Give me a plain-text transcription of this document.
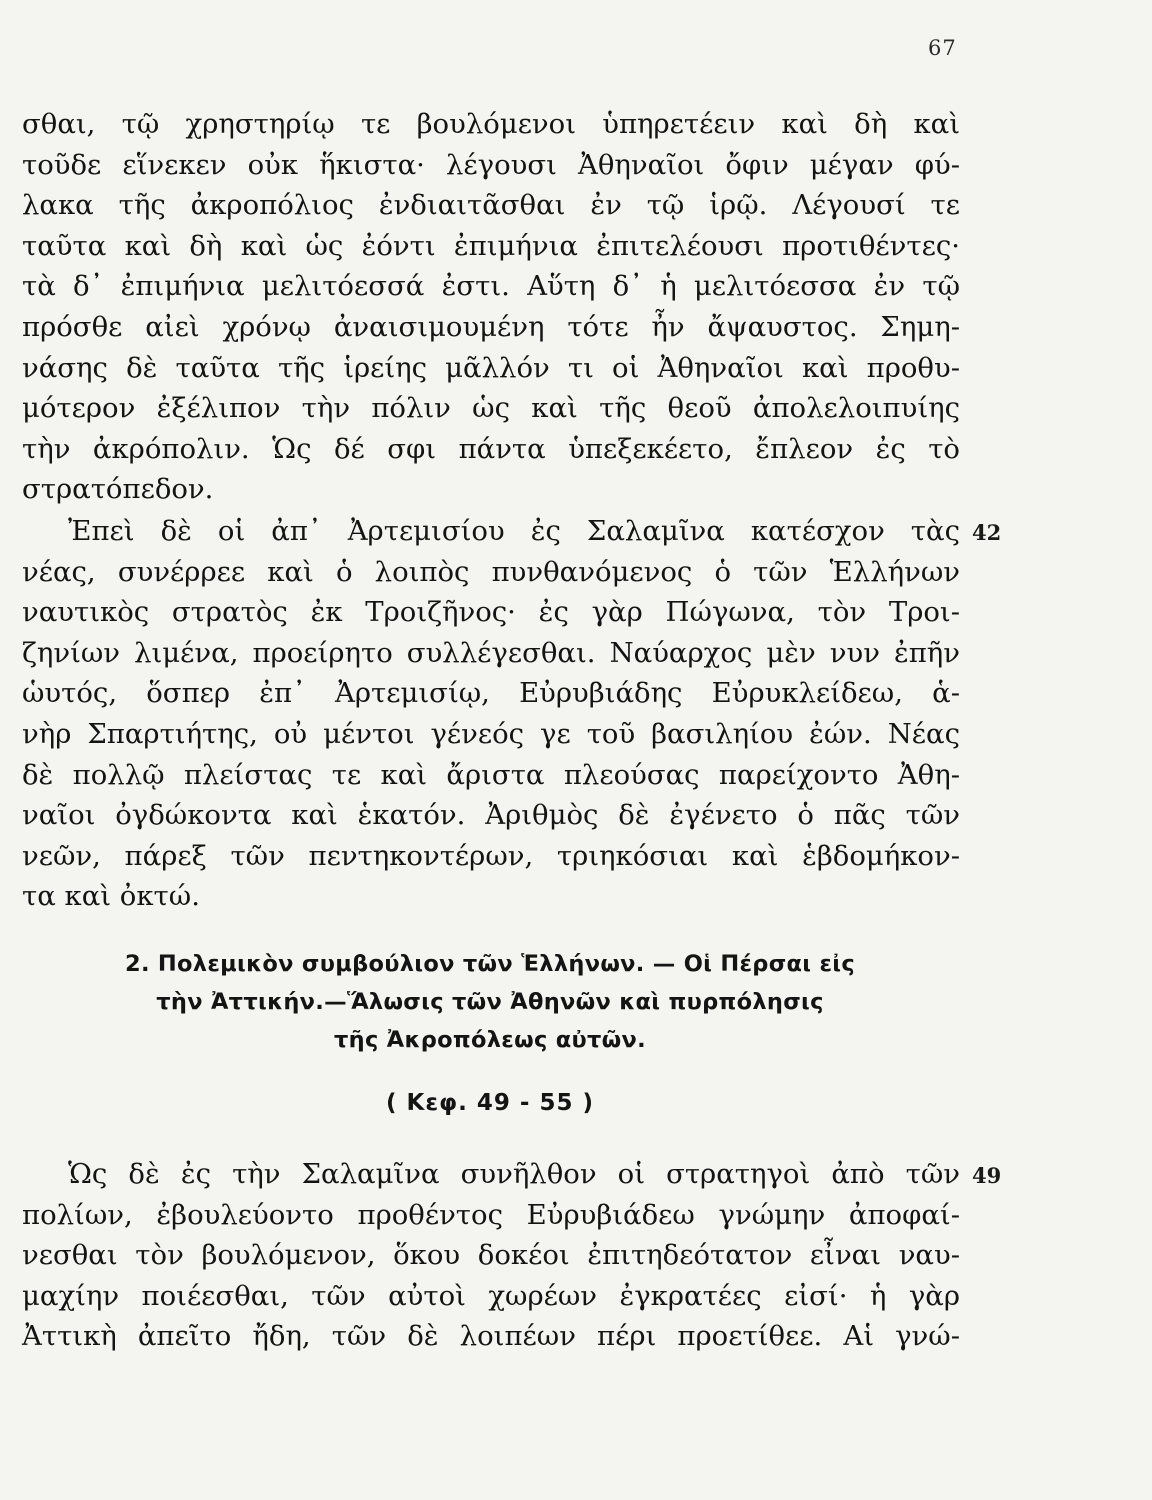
67
σθαι, τῷ χρηστηρίῳ τε βουλόμενοι ὑπηρετέειν καὶ δὴ καὶ
τοῦδε εἵνεκεν οὐκ ἥκιστα· λέγουσι Ἀθηναῖοι ὄφιν μέγαν φύ-
λακα τῆς ἀκροπόλιος ἐνδιαιτᾶσθαι ἐν τῷ ἱρῷ. Λέγουσί τε
ταῦτα καὶ δὴ καὶ ὡς ἐόντι ἐπιμήνια ἐπιτελέουσι προτιθέντες·
τὰ δ᾽ ἐπιμήνια μελιτόεσσά ἐστι. Αὕτη δ᾽ ἡ μελιτόεσσα ἐν τῷ
πρόσθε αἰεὶ χρόνῳ ἀναισιμουμένη τότε ἦν ἄψαυστος. Σημη-
νάσης δὲ ταῦτα τῆς ἱρείης μᾶλλόν τι οἱ Ἀθηναῖοι καὶ προθυ-
μότερον ἐξέλιπον τὴν πόλιν ὡς καὶ τῆς θεοῦ ἀπολελοιπυίης
τὴν ἀκρόπολιν. Ὡς δέ σφι πάντα ὑπεξεκέετο, ἔπλεον ἐς τὸ
στρατόπεδον.
Ἐπεὶ δὲ οἱ ἀπ᾽ Ἀρτεμισίου ἐς Σαλαμῖνα κατέσχον τὰς
νέας, συνέρρεε καὶ ὁ λοιπὸς πυνθανόμενος ὁ τῶν Ἑλλήνων
ναυτικὸς στρατὸς ἐκ Τροιζῆνος· ἐς γὰρ Πώγωνα, τὸν Τροι-
ζηνίων λιμένα, προείρητο συλλέγεσθαι. Ναύαρχος μὲν νυν ἐπῆν
ὡυτός, ὅσπερ ἐπ᾽ Ἀρτεμισίῳ, Εὐρυβιάδης Εὐρυκλείδεω, ἁ-
νὴρ Σπαρτιήτης, οὐ μέντοι γένεός γε τοῦ βασιληίου ἐών. Νέας
δὲ πολλῷ πλείστας τε καὶ ἄριστα πλεούσας παρείχοντο Ἀθη-
ναῖοι ὀγδώκοντα καὶ ἑκατόν. Ἀριθμὸς δὲ ἐγένετο ὁ πᾶς τῶν
νεῶν, πάρεξ τῶν πεντηκοντέρων, τριηκόσιαι καὶ ἑβδομήκον-
τα καὶ ὀκτώ.
42
2. Πολεμικὸν συμβούλιον τῶν Ἑλλήνων. — Οἱ Πέρσαι εἰς
τὴν Ἀττικήν.—Ἅλωσις τῶν Ἀθηνῶν καὶ πυρπόλησις
τῆς Ἀκροπόλεως αὐτῶν.
( Κεφ. 49 - 55 )
Ὡς δὲ ἐς τὴν Σαλαμῖνα συνῆλθον οἱ στρατηγοὶ ἀπὸ τῶν
πολίων, ἐβουλεύοντο προθέντος Εὐρυβιάδεω γνώμην ἀποφαί-
νεσθαι τὸν βουλόμενον, ὅκου δοκέοι ἐπιτηδεότατον εἶναι ναυ-
μαχίην ποιέεσθαι, τῶν αὐτοὶ χωρέων ἐγκρατέες εἰσί· ἡ γὰρ
Ἀττικὴ ἀπεῖτο ἤδη, τῶν δὲ λοιπέων πέρι προετίθεε. Αἱ γνώ-
49
